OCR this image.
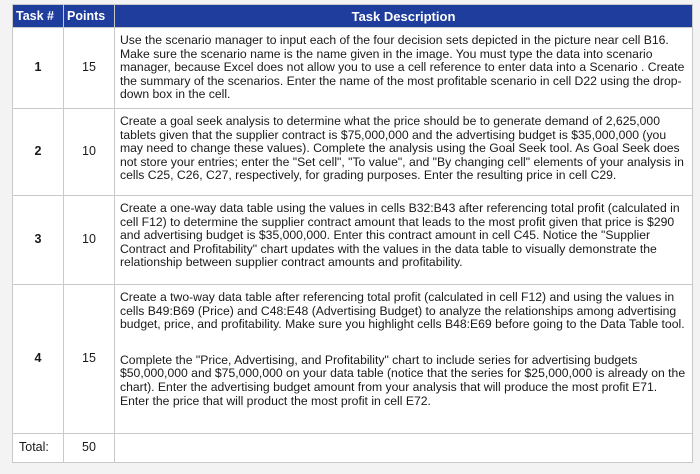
Task #	Points	Task Description
1	15	Use the scenario manager to input each of the four decision sets depicted in the picture near cell B16. Make sure the scenario name is the name given in the image. You must type the data into scenario manager, because Excel does not allow you to use a cell reference to enter data into a Scenario . Create the summary of the scenarios. Enter the name of the most profitable scenario in cell D22 using the drop-down box in the cell.

2	10	Create a goal seek analysis to determine what the price should be to generate demand of 2,625,000 tablets given that the supplier contract is $75,000,000 and the advertising budget is $35,000,000 (you may need to change these values). Complete the analysis using the Goal Seek tool. As Goal Seek does not store your entries; enter the "Set cell", "To value", and "By changing cell" elements of your analysis in cells C25, C26, C27, respectively, for grading purposes. Enter the resulting price in cell C29.

3	10	Create a one-way data table using the values in cells B32:B43 after referencing total profit (calculated in cell F12) to determine the supplier contract amount that leads to the most profit given that price is $290 and advertising budget is $35,000,000. Enter this contract amount in cell C45. Notice the "Supplier Contract and Profitability" chart updates with the values in the data table to visually demonstrate the relationship between supplier contract amounts and profitability.

4	15	Create a two-way data table after referencing total profit (calculated in cell F12) and using the values in cells B49:B69 (Price) and C48:E48 (Advertising Budget) to analyze the relationships among advertising budget, price, and profitability. Make sure you highlight cells B48:E69 before going to the Data Table tool.
Complete the "Price, Advertising, and Profitability" chart to include series for advertising budgets $50,000,000 and $75,000,000 on your data table (notice that the series for $25,000,000 is already on the chart). Enter the advertising budget amount from your analysis that will produce the most profit E71. Enter the price that will product the most profit in cell E72.

Total:	50	
